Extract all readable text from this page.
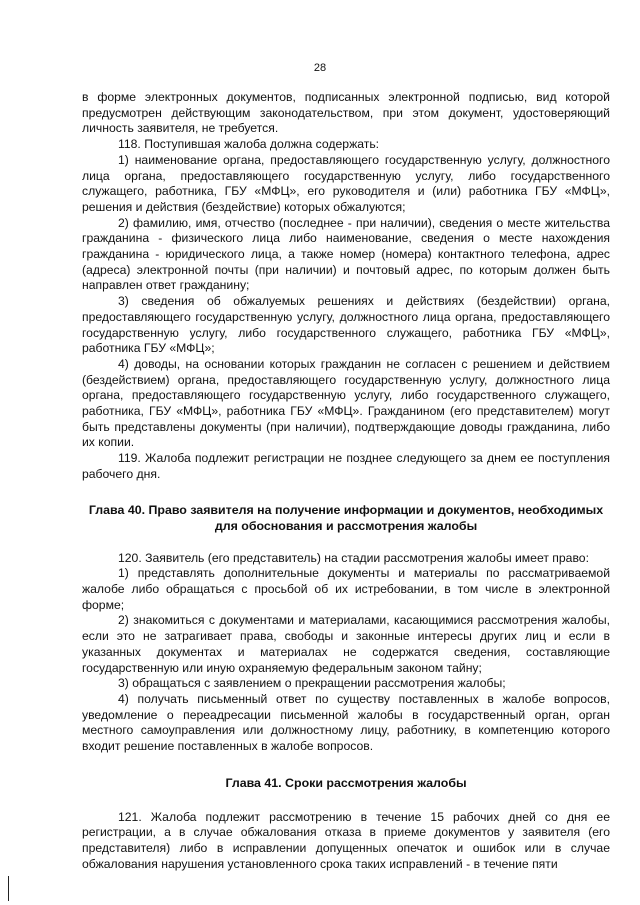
28

в форме электронных документов, подписанных электронной подписью, вид которой предусмотрен действующим законодательством, при этом документ, удостоверяющий личность заявителя, не требуется.

118. Поступившая жалоба должна содержать:

1) наименование органа, предоставляющего государственную услугу, должностного лица органа, предоставляющего государственную услугу, либо государственного служащего, работника, ГБУ «МФЦ», его руководителя и (или) работника ГБУ «МФЦ», решения и действия (бездействие) которых обжалуются;

2) фамилию, имя, отчество (последнее - при наличии), сведения о месте жительства гражданина - физического лица либо наименование, сведения о месте нахождения гражданина - юридического лица, а также номер (номера) контактного телефона, адрес (адреса) электронной почты (при наличии) и почтовый адрес, по которым должен быть направлен ответ гражданину;

3) сведения об обжалуемых решениях и действиях (бездействии) органа, предоставляющего государственную услугу, должностного лица органа, предоставляющего государственную услугу, либо государственного служащего, работника ГБУ «МФЦ», работника ГБУ «МФЦ»;

4) доводы, на основании которых гражданин не согласен с решением и действием (бездействием) органа, предоставляющего государственную услугу, должностного лица органа, предоставляющего государственную услугу, либо государственного служащего, работника, ГБУ «МФЦ», работника ГБУ «МФЦ». Гражданином (его представителем) могут быть представлены документы (при наличии), подтверждающие доводы гражданина, либо их копии.

119. Жалоба подлежит регистрации не позднее следующего за днем ее поступления рабочего дня.

Глава 40. Право заявителя на получение информации и документов, необходимых для обоснования и рассмотрения жалобы

120. Заявитель (его представитель) на стадии рассмотрения жалобы имеет право:

1) представлять дополнительные документы и материалы по рассматриваемой жалобе либо обращаться с просьбой об их истребовании, в том числе в электронной форме;

2) знакомиться с документами и материалами, касающимися рассмотрения жалобы, если это не затрагивает права, свободы и законные интересы других лиц и если в указанных документах и материалах не содержатся сведения, составляющие государственную или иную охраняемую федеральным законом тайну;

3) обращаться с заявлением о прекращении рассмотрения жалобы;

4) получать письменный ответ по существу поставленных в жалобе вопросов, уведомление о переадресации письменной жалобы в государственный орган, орган местного самоуправления или должностному лицу, работнику, в компетенцию которого входит решение поставленных в жалобе вопросов.

Глава 41. Сроки рассмотрения жалобы

121. Жалоба подлежит рассмотрению в течение 15 рабочих дней со дня ее регистрации, а в случае обжалования отказа в приеме документов у заявителя (его представителя) либо в исправлении допущенных опечаток и ошибок или в случае обжалования нарушения установленного срока таких исправлений - в течение пяти
